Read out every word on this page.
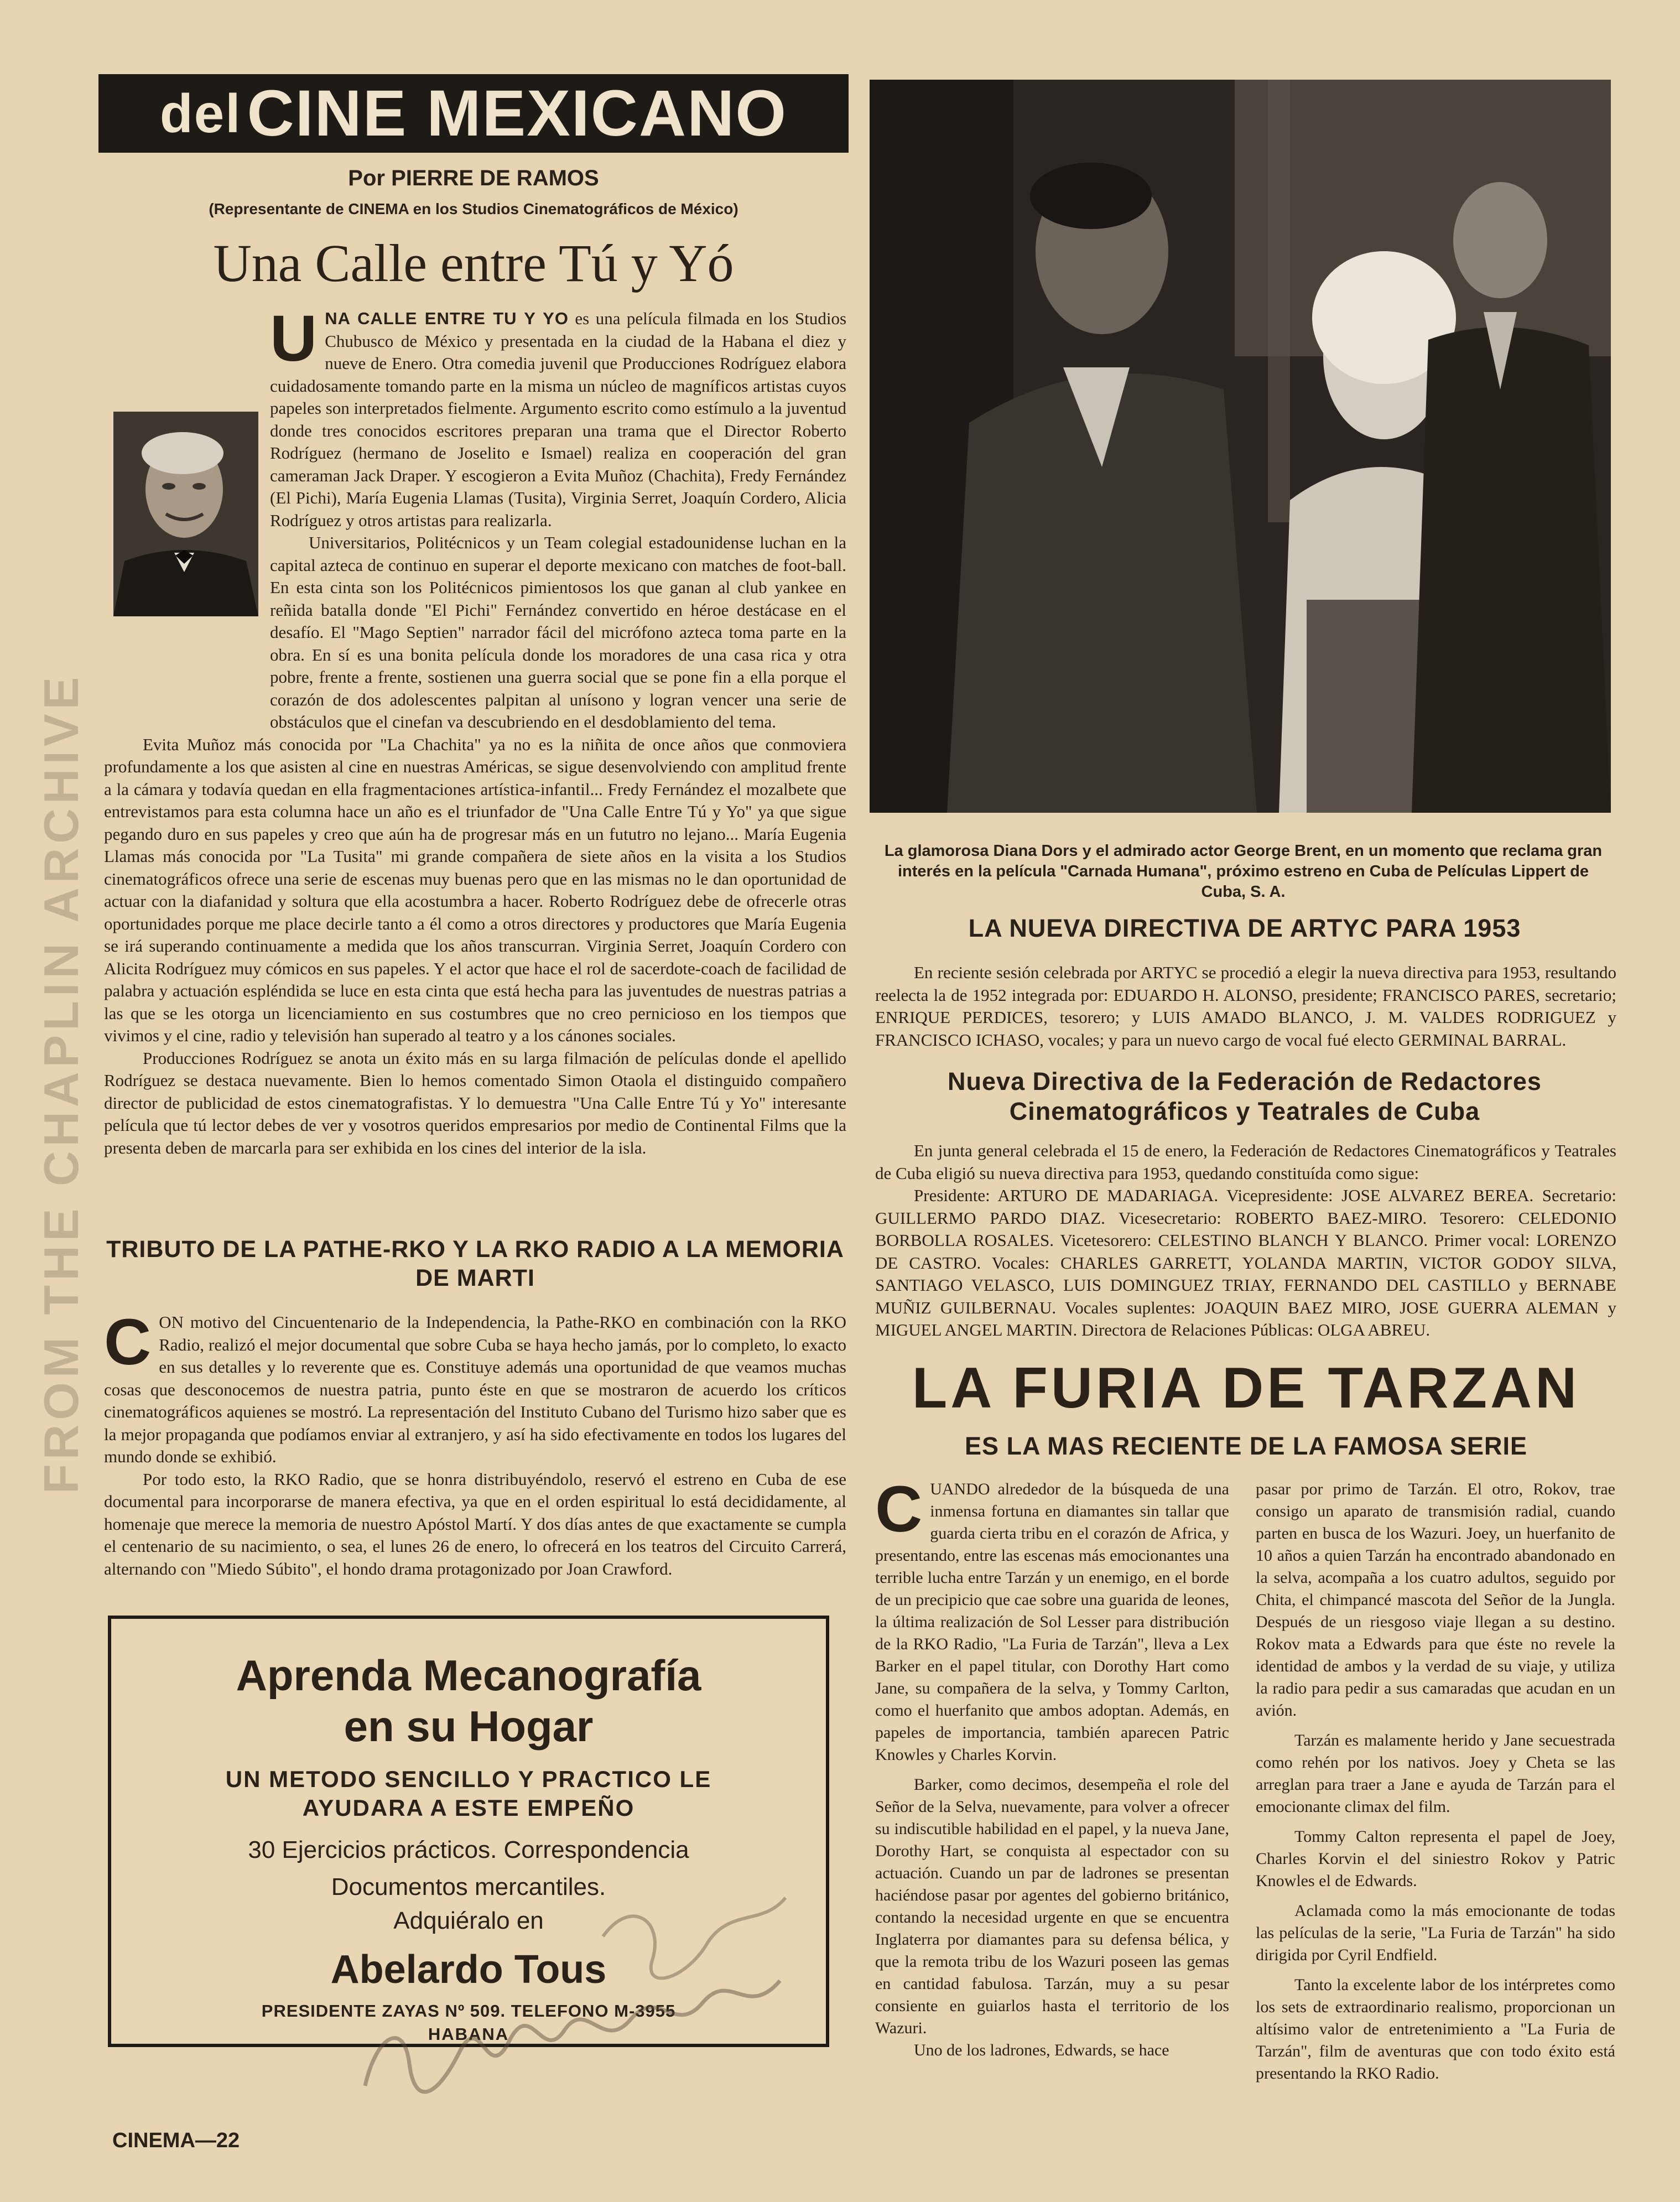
FROM THE CHAPLIN ARCHIVE
del CINE MEXICANO
Por PIERRE DE RAMOS
(Representante de CINEMA en los Studios Cinematográficos de México)
Una Calle entre Tú y Yó
U NA CALLE ENTRE TU Y YO es una película filmada en los Studios Chubusco de México y presentada en la ciudad de la Habana el diez y nueve de Enero. Otra comedia juvenil que Producciones Rodríguez elabora cuidadosamente tomando parte en la misma un núcleo de magníficos artistas cuyos papeles son interpretados fielmente. Argumento escrito como estímulo a la juventud donde tres conocidos escritores preparan una trama que el Director Roberto Rodríguez (hermano de Joselito e Ismael) realiza en cooperación del gran cameraman Jack Draper. Y escogieron a Evita Muñoz (Chachita), Fredy Fernández (El Pichi), María Eugenia Llamas (Tusita), Virginia Serret, Joaquín Cordero, Alicia Rodríguez y otros artistas para realizarla.

Universitarios, Politécnicos y un Team colegial estadounidense luchan en la capital azteca de continuo en superar el deporte mexicano con matches de foot-ball. En esta cinta son los Politécnicos pimientosos los que ganan al club yankee en reñida batalla donde "El Pichi" Fernández convertido en héroe destácase en el desafío. El "Mago Septien" narrador fácil del micrófono azteca toma parte en la obra. En sí es una bonita película donde los moradores de una casa rica y otra pobre, frente a frente, sostienen una guerra social que se pone fin a ella porque el corazón de dos adolescentes palpitan al unísono y logran vencer una serie de obstáculos que el cinefan va descubriendo en el desdoblamiento del tema.

Evita Muñoz más conocida por "La Chachita" ya no es la niñita de once años que conmoviera profundamente a los que asisten al cine en nuestras Américas, se sigue desenvolviendo con amplitud frente a la cámara y todavía quedan en ella fragmentaciones artística-infantil... Fredy Fernández el mozalbete que entrevistamos para esta columna hace un año es el triunfador de "Una Calle Entre Tú y Yo" ya que sigue pegando duro en sus papeles y creo que aún ha de progresar más en un fututro no lejano... María Eugenia Llamas más conocida por "La Tusita" mi grande compañera de siete años en la visita a los Studios cinematográficos ofrece una serie de escenas muy buenas pero que en las mismas no le dan oportunidad de actuar con la diafanidad y soltura que ella acostumbra a hacer. Roberto Rodríguez debe de ofrecerle otras oportunidades porque me place decirle tanto a él como a otros directores y productores que María Eugenia se irá superando continuamente a medida que los años transcurran. Virginia Serret, Joaquín Cordero con Alicita Rodríguez muy cómicos en sus papeles. Y el actor que hace el rol de sacerdote-coach de facilidad de palabra y actuación espléndida se luce en esta cinta que está hecha para las juventudes de nuestras patrias a las que se les otorga un licenciamiento en sus costumbres que no creo pernicioso en los tiempos que vivimos y el cine, radio y televisión han superado al teatro y a los cánones sociales.

Producciones Rodríguez se anota un éxito más en su larga filmación de películas donde el apellido Rodríguez se destaca nuevamente. Bien lo hemos comentado Simon Otaola el distinguido compañero director de publicidad de estos cinematografistas. Y lo demuestra "Una Calle Entre Tú y Yo" interesante película que tú lector debes de ver y vosotros queridos empresarios por medio de Continental Films que la presenta deben de marcarla para ser exhibida en los cines del interior de la isla.

TRIBUTO DE LA PATHE-RKO Y LA RKO RADIO A LA MEMORIA DE MARTI
C ON motivo del Cincuentenario de la Independencia, la Pathe-RKO en combinación con la RKO Radio, realizó el mejor documental que sobre Cuba se haya hecho jamás, por lo completo, lo exacto en sus detalles y lo reverente que es. Constituye además una oportunidad de que veamos muchas cosas que desconocemos de nuestra patria, punto éste en que se mostraron de acuerdo los críticos cinematográficos aquienes se mostró. La representación del Instituto Cubano del Turismo hizo saber que es la mejor propaganda que podíamos enviar al extranjero, y así ha sido efectivamente en todos los lugares del mundo donde se exhibió.

Por todo esto, la RKO Radio, que se honra distribuyéndolo, reservó el estreno en Cuba de ese documental para incorporarse de manera efectiva, ya que en el orden espiritual lo está decididamente, al homenaje que merece la memoria de nuestro Apóstol Martí. Y dos días antes de que exactamente se cumpla el centenario de su nacimiento, o sea, el lunes 26 de enero, lo ofrecerá en los teatros del Circuito Carrerá, alternando con "Miedo Súbito", el hondo drama protagonizado por Joan Crawford.

Aprenda Mecanografía
en su Hogar
UN METODO SENCILLO Y PRACTICO LE
AYUDARA A ESTE EMPEÑO
30 Ejercicios prácticos. Correspondencia
Documentos mercantiles.
Adquiéralo en
Abelardo Tous
PRESIDENTE ZAYAS Nº 509. TELEFONO M-3955
HABANA
CINEMA—22
La glamorosa Diana Dors y el admirado actor George Brent, en un momento que reclama gran interés en la película "Carnada Humana", próximo estreno en Cuba de Películas Lippert de Cuba, S. A.
LA NUEVA DIRECTIVA DE ARTYC PARA 1953
En reciente sesión celebrada por ARTYC se procedió a elegir la nueva directiva para 1953, resultando reelecta la de 1952 integrada por: EDUARDO H. ALONSO, presidente; FRANCISCO PARES, secretario; ENRIQUE PERDICES, tesorero; y LUIS AMADO BLANCO, J. M. VALDES RODRIGUEZ y FRANCISCO ICHASO, vocales; y para un nuevo cargo de vocal fué electo GERMINAL BARRAL.
Nueva Directiva de la Federación de Redactores
Cinematográficos y Teatrales de Cuba

En junta general celebrada el 15 de enero, la Federación de Redactores Cinematográficos y Teatrales de Cuba eligió su nueva directiva para 1953, quedando constituída como sigue:

Presidente: ARTURO DE MADARIAGA. Vicepresidente: JOSE ALVAREZ BEREA. Secretario: GUILLERMO PARDO DIAZ. Vicesecretario: ROBERTO BAEZ-MIRO. Tesorero: CELEDONIO BORBOLLA ROSALES. Vicetesorero: CELESTINO BLANCH Y BLANCO. Primer vocal: LORENZO DE CASTRO. Vocales: CHARLES GARRETT, YOLANDA MARTIN, VICTOR GODOY SILVA, SANTIAGO VELASCO, LUIS DOMINGUEZ TRIAY, FERNANDO DEL CASTILLO y BERNABE MUÑIZ GUILBERNAU. Vocales suplentes: JOAQUIN BAEZ MIRO, JOSE GUERRA ALEMAN y MIGUEL ANGEL MARTIN. Directora de Relaciones Públicas: OLGA ABREU.

LA FURIA DE TARZAN
ES LA MAS RECIENTE DE LA FAMOSA SERIE
C UANDO alrededor de la búsqueda de una inmensa fortuna en diamantes sin tallar que guarda cierta tribu en el corazón de Africa, y presentando, entre las escenas más emocionantes una terrible lucha entre Tarzán y un enemigo, en el borde de un precipicio que cae sobre una guarida de leones, la última realización de Sol Lesser para distribución de la RKO Radio, "La Furia de Tarzán", lleva a Lex Barker en el papel titular, con Dorothy Hart como Jane, su compañera de la selva, y Tommy Carlton, como el huerfanito que ambos adoptan. Además, en papeles de importancia, también aparecen Patric Knowles y Charles Korvin.

Barker, como decimos, desempeña el role del Señor de la Selva, nuevamente, para volver a ofrecer su indiscutible habilidad en el papel, y la nueva Jane, Dorothy Hart, se conquista al espectador con su actuación. Cuando un par de ladrones se presentan haciéndose pasar por agentes del gobierno británico, contando la necesidad urgente en que se encuentra Inglaterra por diamantes para su defensa bélica, y que la remota tribu de los Wazuri poseen las gemas en cantidad fabulosa. Tarzán, muy a su pesar consiente en guiarlos hasta el territorio de los Wazuri.

Uno de los ladrones, Edwards, se hace

pasar por primo de Tarzán. El otro, Rokov, trae consigo un aparato de transmisión radial, cuando parten en busca de los Wazuri. Joey, un huerfanito de 10 años a quien Tarzán ha encontrado abandonado en la selva, acompaña a los cuatro adultos, seguido por Chita, el chimpancé mascota del Señor de la Jungla. Después de un riesgoso viaje llegan a su destino. Rokov mata a Edwards para que éste no revele la identidad de ambos y la verdad de su viaje, y utiliza la radio para pedir a sus camaradas que acudan en un avión.

Tarzán es malamente herido y Jane secuestrada como rehén por los nativos. Joey y Cheta se las arreglan para traer a Jane e ayuda de Tarzán para el emocionante climax del film.

Tommy Calton representa el papel de Joey, Charles Korvin el del siniestro Rokov y Patric Knowles el de Edwards.

Aclamada como la más emocionante de todas las películas de la serie, "La Furia de Tarzán" ha sido dirigida por Cyril Endfield.

Tanto la excelente labor de los intérpretes como los sets de extraordinario realismo, proporcionan un altísimo valor de entretenimiento a "La Furia de Tarzán", film de aventuras que con todo éxito está presentando la RKO Radio.
